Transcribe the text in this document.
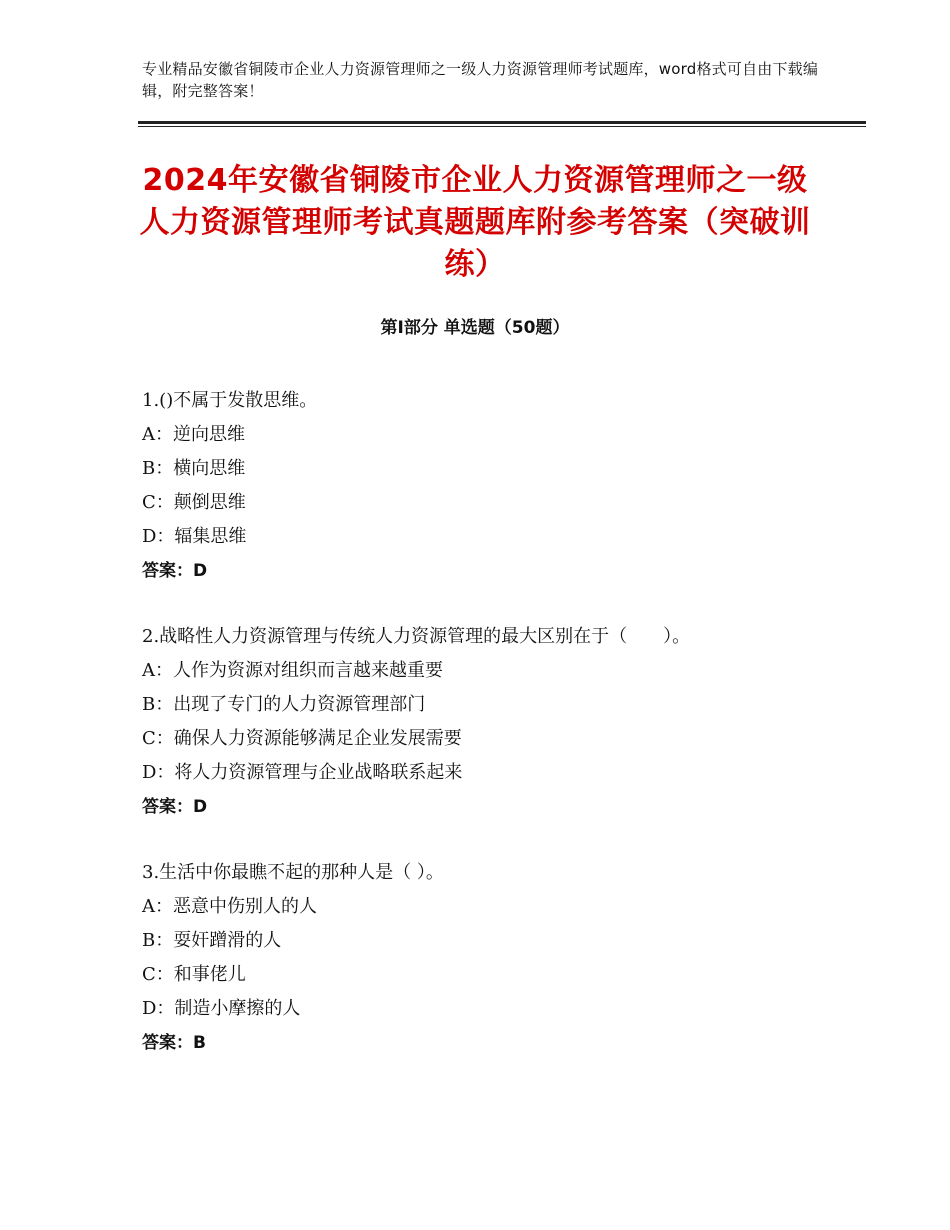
专业精品安徽省铜陵市企业人力资源管理师之一级人力资源管理师考试题库，word格式可自由下载编辑，附完整答案！
2024年安徽省铜陵市企业人力资源管理师之一级人力资源管理师考试真题题库附参考答案（突破训练）
第Ⅰ部分 单选题（50题）
1.()不属于发散思维。
A：逆向思维
B：横向思维
C：颠倒思维
D：辐集思维
答案：D
2.战略性人力资源管理与传统人力资源管理的最大区别在于（　　）。
A：人作为资源对组织而言越来越重要
B：出现了专门的人力资源管理部门
C：确保人力资源能够满足企业发展需要
D：将人力资源管理与企业战略联系起来
答案：D
3.生活中你最瞧不起的那种人是（ ）。
A：恶意中伤别人的人
B：耍奸蹭滑的人
C：和事佬儿
D：制造小摩擦的人
答案：B
